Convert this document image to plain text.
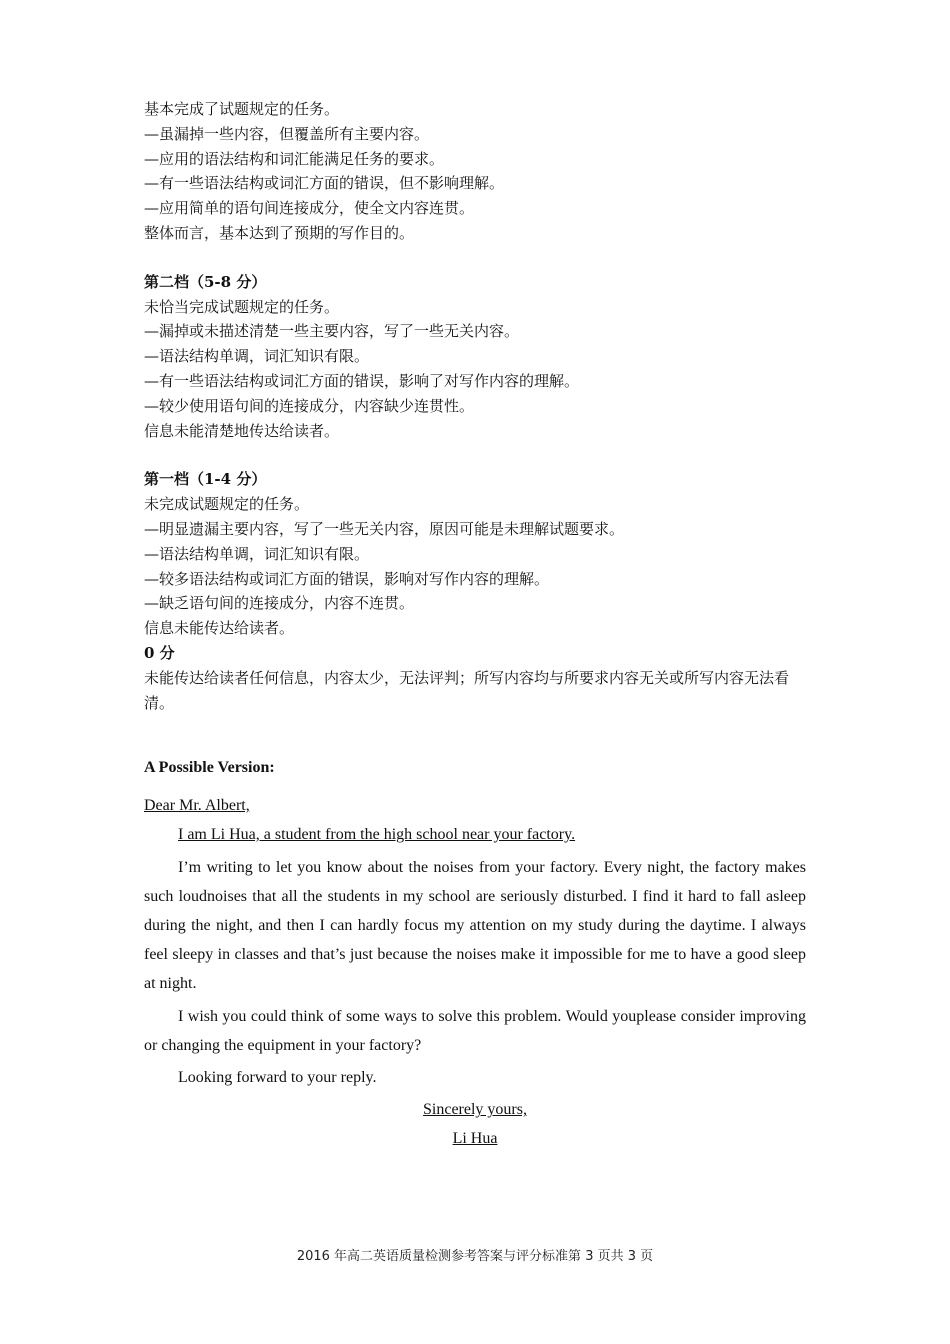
基本完成了试题规定的任务。
—虽漏掉一些内容，但覆盖所有主要内容。
—应用的语法结构和词汇能满足任务的要求。
—有一些语法结构或词汇方面的错误，但不影响理解。
—应用简单的语句间连接成分，使全文内容连贯。
整体而言，基本达到了预期的写作目的。
第二档（5-8 分）
未恰当完成试题规定的任务。
—漏掉或未描述清楚一些主要内容，写了一些无关内容。
—语法结构单调，词汇知识有限。
—有一些语法结构或词汇方面的错误，影响了对写作内容的理解。
—较少使用语句间的连接成分，内容缺少连贯性。
信息未能清楚地传达给读者。
第一档（1-4 分）
未完成试题规定的任务。
—明显遗漏主要内容，写了一些无关内容，原因可能是未理解试题要求。
—语法结构单调，词汇知识有限。
—较多语法结构或词汇方面的错误，影响对写作内容的理解。
—缺乏语句间的连接成分，内容不连贯。
信息未能传达给读者。
0 分
未能传达给读者任何信息，内容太少，无法评判；所写内容均与所要求内容无关或所写内容无法看清。
A Possible Version:
Dear Mr. Albert,
I am Li Hua, a student from the high school near your factory.
I’m writing to let you know about the noises from your factory. Every night, the factory makes such loudnoises that all the students in my school are seriously disturbed. I find it hard to fall asleep during the night, and then I can hardly focus my attention on my study during the daytime. I always feel sleepy in classes and that’s just because the noises make it impossible for me to have a good sleep at night.
I wish you could think of some ways to solve this problem. Would youplease consider improving or changing the equipment in your factory?
Looking forward to your reply.
Sincerely yours,
Li Hua
2016 年高二英语质量检测参考答案与评分标准第 3 页共 3 页
